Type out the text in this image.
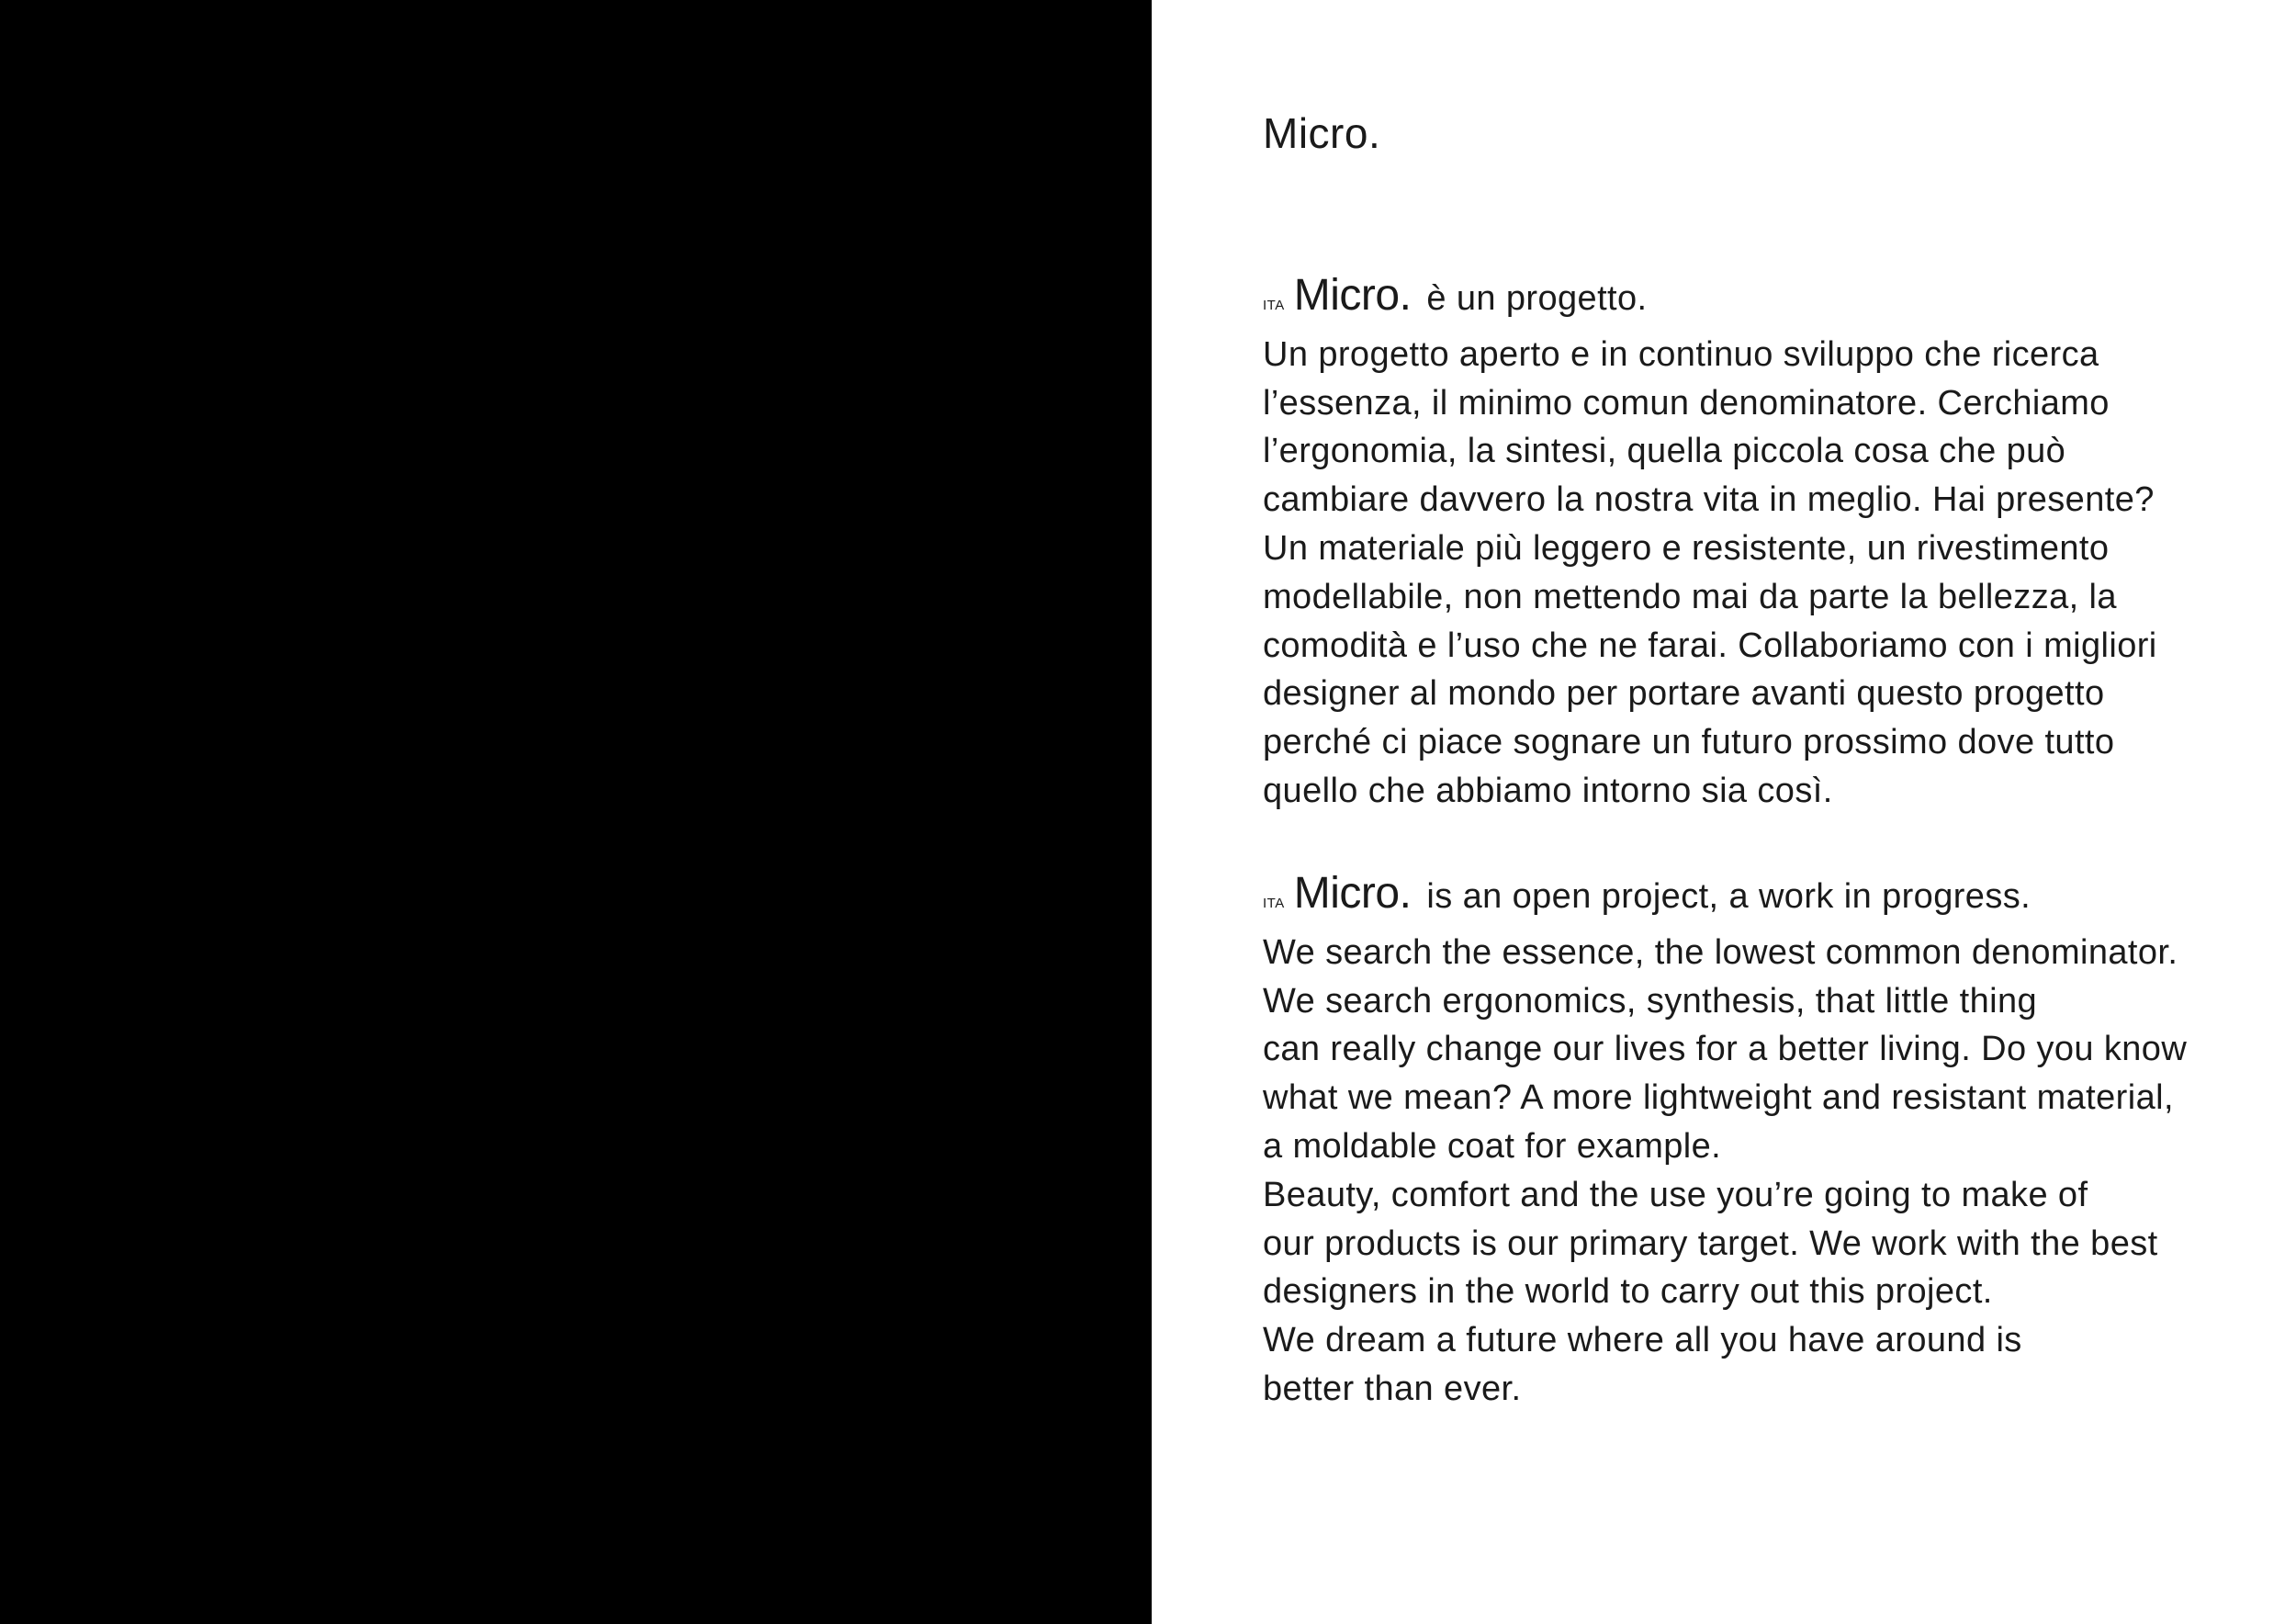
Micro.
ITA Micro. è un progetto.
Un progetto aperto e in continuo sviluppo che ricerca
l’essenza, il minimo comun denominatore. Cerchiamo
l’ergonomia, la sintesi, quella piccola cosa che può
cambiare davvero la nostra vita in meglio. Hai presente?
Un materiale più leggero e resistente, un rivestimento
modellabile, non mettendo mai da parte la bellezza, la
comodità e l’uso che ne farai. Collaboriamo con i migliori
designer al mondo per portare avanti questo progetto
perché ci piace sognare un futuro prossimo dove tutto
quello che abbiamo intorno sia così.
ITA Micro. is an open project, a work in progress.
We search the essence, the lowest common denominator.
We search ergonomics, synthesis, that little thing
can really change our lives for a better living. Do you know
what we mean? A more lightweight and resistant material,
a moldable coat for example.
Beauty, comfort and the use you’re going to make of
our products is our primary target. We work with the best
designers in the world to carry out this project.
We dream a future where all you have around is
better than ever.
